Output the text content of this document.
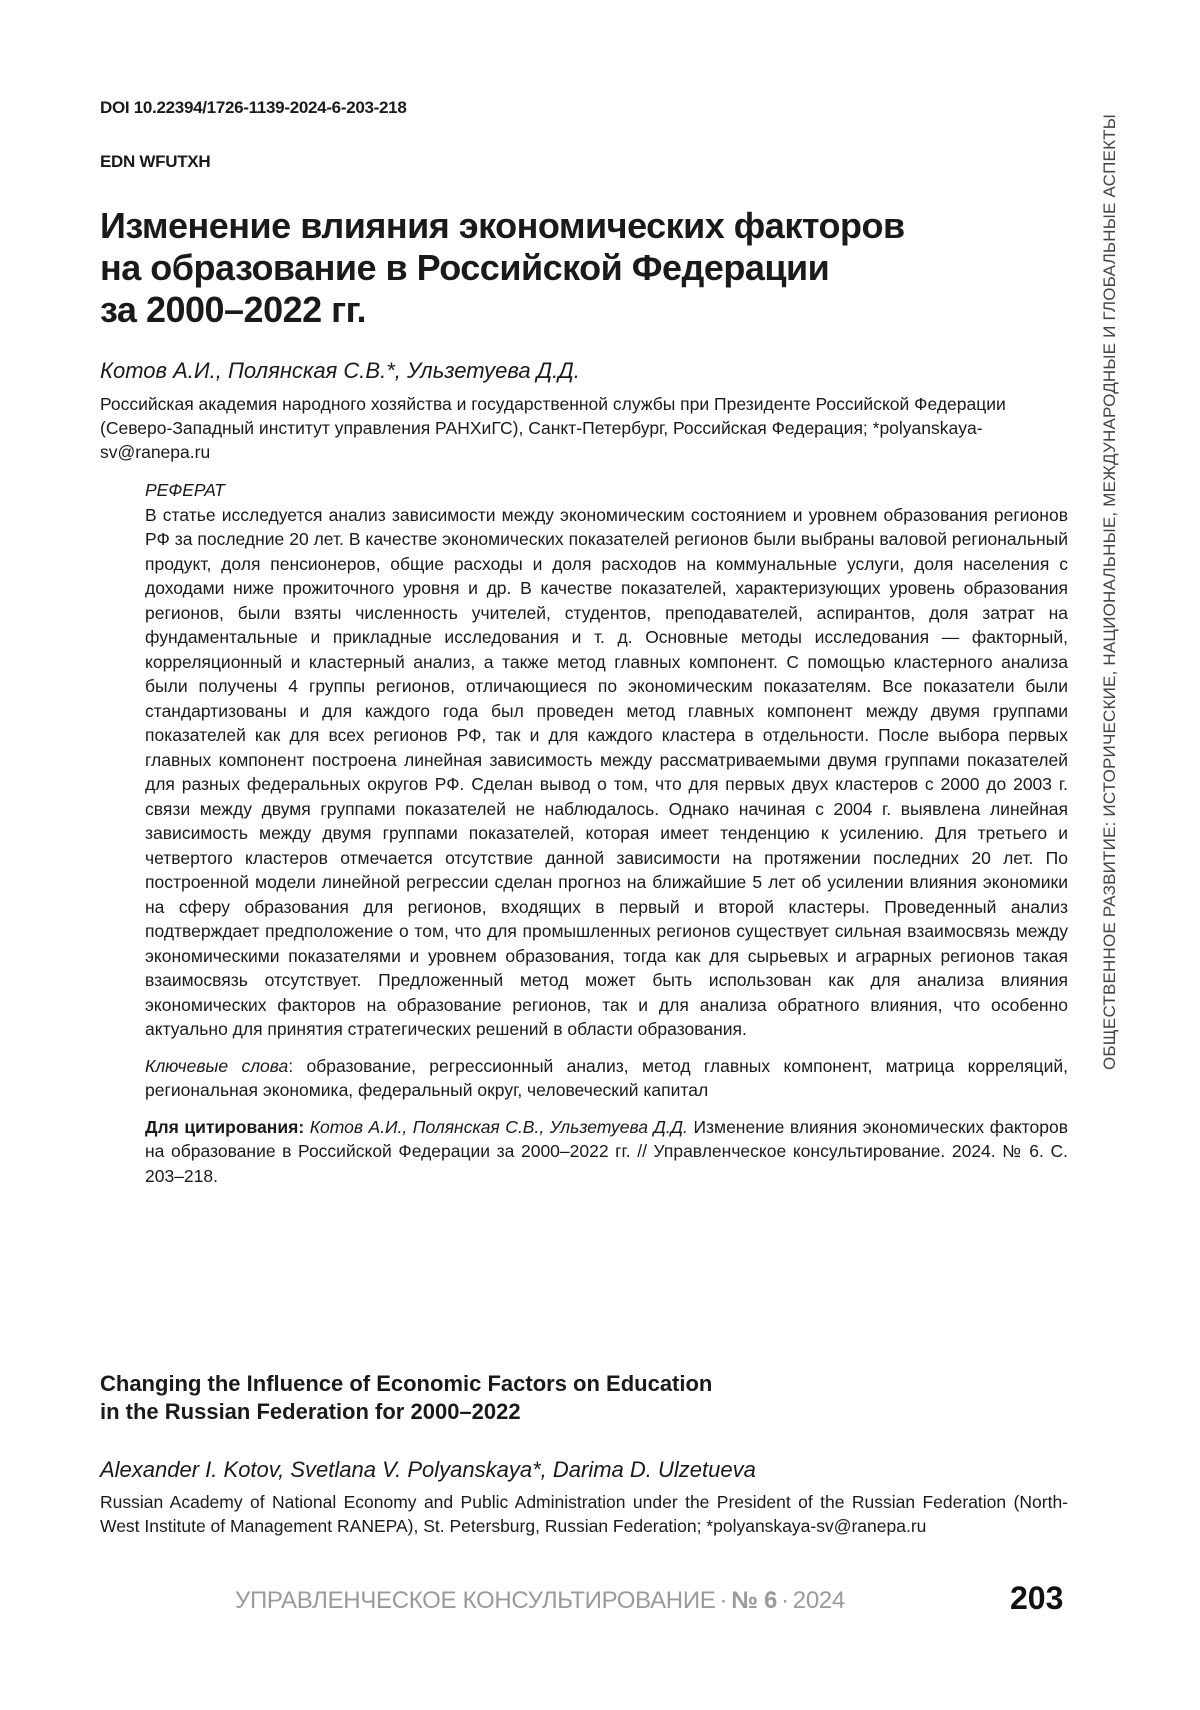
DOI 10.22394/1726-1139-2024-6-203-218
EDN WFUTXH
Изменение влияния экономических факторов
на образование в Российской Федерации
за 2000–2022 гг.
Котов А.И., Полянская С.В.*, Ульзетуева Д.Д.
Российская академия народного хозяйства и государственной службы при Президенте Российской Федерации (Северо-Западный институт управления РАНХиГС), Санкт-Петербург, Российская Федерация; *polyanskaya-sv@ranepa.ru

РЕФЕРАТ

В статье исследуется анализ зависимости между экономическим состоянием и уровнем образования регионов РФ за последние 20 лет. В качестве экономических показателей регионов были выбраны валовой региональный продукт, доля пенсионеров, общие расходы и доля расходов на коммунальные услуги, доля населения с доходами ниже прожиточного уровня и др. В качестве показателей, характеризующих уровень образования регионов, были взяты численность учителей, студентов, преподавателей, аспирантов, доля затрат на фундаментальные и прикладные исследования и т. д. Основные методы исследования — факторный, корреляционный и кластерный анализ, а также метод главных компонент. С помощью кластерного анализа были получены 4 группы регионов, отличающиеся по экономическим показателям. Все показатели были стандартизованы и для каждого года был проведен метод главных компонент между двумя группами показателей как для всех регионов РФ, так и для каждого кластера в отдельности. После выбора первых главных компонент построена линейная зависимость между рассматриваемыми двумя группами показателей для разных федеральных округов РФ. Сделан вывод о том, что для первых двух кластеров с 2000 до 2003 г. связи между двумя группами показателей не наблюдалось. Однако начиная с 2004 г. выявлена линейная зависимость между двумя группами показателей, которая имеет тенденцию к усилению. Для третьего и четвертого кластеров отмечается отсутствие данной зависимости на протяжении последних 20 лет. По построенной модели линейной регрессии сделан прогноз на ближайшие 5 лет об усилении влияния экономики на сферу образования для регионов, входящих в первый и второй кластеры. Проведенный анализ подтверждает предположение о том, что для промышленных регионов существует сильная взаимосвязь между экономическими показателями и уровнем образования, тогда как для сырьевых и аграрных регионов такая взаимосвязь отсутствует. Предложенный метод может быть использован как для анализа влияния экономических факторов на образование регионов, так и для анализа обратного влияния, что особенно актуально для принятия стратегических решений в области образования.

Ключевые слова: образование, регрессионный анализ, метод главных компонент, матрица корреляций, региональная экономика, федеральный округ, человеческий капитал

Для цитирования: Котов А.И., Полянская С.В., Ульзетуева Д.Д. Изменение влияния экономических факторов на образование в Российской Федерации за 2000–2022 гг. // Управленческое консультирование. 2024. № 6. С. 203–218.

Changing the Influence of Economic Factors on Education
in the Russian Federation for 2000–2022
Alexander I. Kotov, Svetlana V. Polyanskaya*, Darima D. Ulzetueva
Russian Academy of National Economy and Public Administration under the President of the Russian Federation (North-West Institute of Management RANEPA), St. Petersburg, Russian Federation; *polyanskaya-sv@ranepa.ru
УПРАВЛЕНЧЕСКОЕ КОНСУЛЬТИРОВАНИЕ · № 6 · 2024	203
ОБЩЕСТВЕННОЕ РАЗВИТИЕ: ИСТОРИЧЕСКИЕ, НАЦИОНАЛЬНЫЕ, МЕЖДУНАРОДНЫЕ И ГЛОБАЛЬНЫЕ АСПЕКТЫ
